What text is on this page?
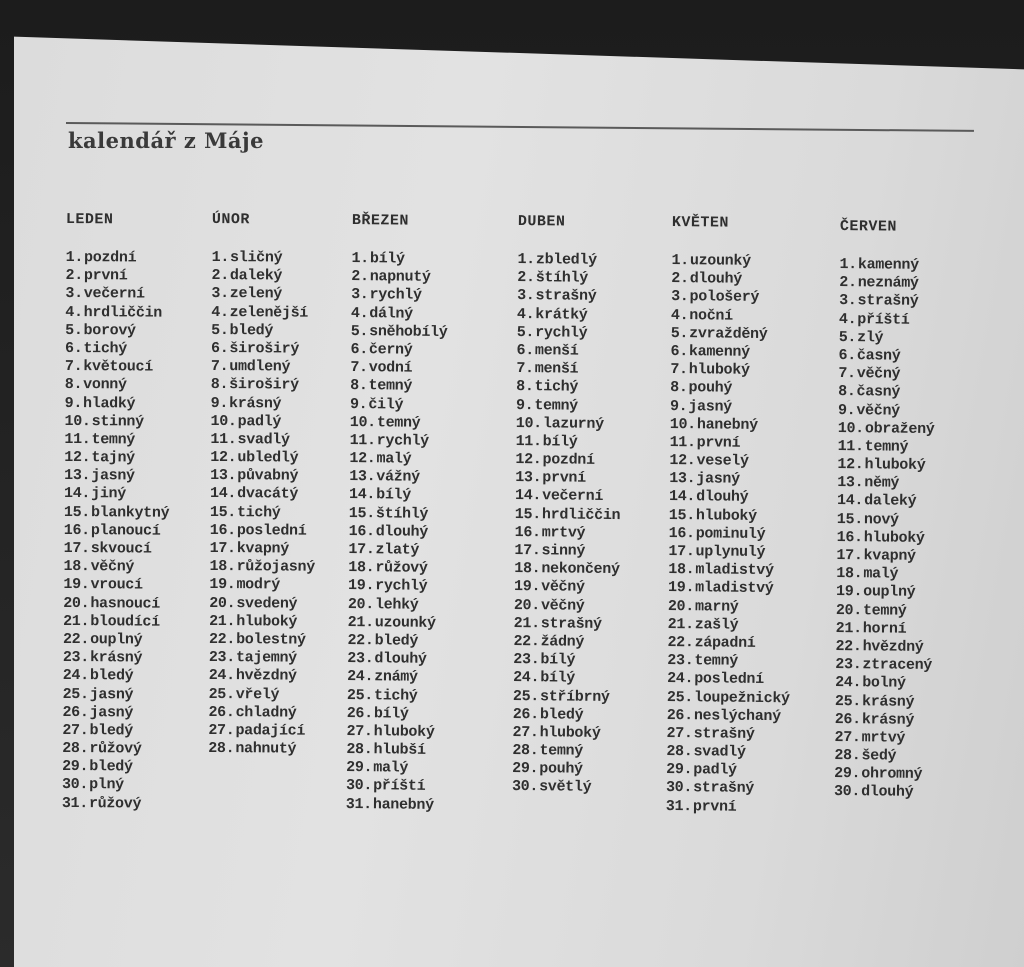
kalendář z Máje
LEDEN
1.pozdní
2.první
3.večerní
4.hrdliččin
5.borový
6.tichý
7.květoucí
8.vonný
9.hladký
10.stinný
11.temný
12.tajný
13.jasný
14.jiný
15.blankytný
16.planoucí
17.skvoucí
18.věčný
19.vroucí
20.hasnoucí
21.bloudící
22.ouplný
23.krásný
24.bledý
25.jasný
26.jasný
27.bledý
28.růžový
29.bledý
30.plný
31.růžový
ÚNOR
1.sličný
2.daleký
3.zelený
4.zelenější
5.bledý
6.široširý
7.umdlený
8.široširý
9.krásný
10.padlý
11.svadlý
12.ubledlý
13.půvabný
14.dvacátý
15.tichý
16.poslední
17.kvapný
18.růžojasný
19.modrý
20.svedený
21.hluboký
22.bolestný
23.tajemný
24.hvězdný
25.vřelý
26.chladný
27.padající
28.nahnutý
BŘEZEN
1.bílý
2.napnutý
3.rychlý
4.dálný
5.sněhobílý
6.černý
7.vodní
8.temný
9.čilý
10.temný
11.rychlý
12.malý
13.vážný
14.bílý
15.štíhlý
16.dlouhý
17.zlatý
18.růžový
19.rychlý
20.lehký
21.uzounký
22.bledý
23.dlouhý
24.známý
25.tichý
26.bílý
27.hluboký
28.hlubší
29.malý
30.příští
31.hanebný
DUBEN
1.zbledlý
2.štíhlý
3.strašný
4.krátký
5.rychlý
6.menší
7.menší
8.tichý
9.temný
10.lazurný
11.bílý
12.pozdní
13.první
14.večerní
15.hrdliččin
16.mrtvý
17.sinný
18.nekončený
19.věčný
20.věčný
21.strašný
22.žádný
23.bílý
24.bílý
25.stříbrný
26.bledý
27.hluboký
28.temný
29.pouhý
30.světlý
KVĚTEN
1.uzounký
2.dlouhý
3.pološerý
4.noční
5.zvražděný
6.kamenný
7.hluboký
8.pouhý
9.jasný
10.hanebný
11.první
12.veselý
13.jasný
14.dlouhý
15.hluboký
16.pominulý
17.uplynulý
18.mladistvý
19.mladistvý
20.marný
21.zašlý
22.západní
23.temný
24.poslední
25.loupežnický
26.neslýchaný
27.strašný
28.svadlý
29.padlý
30.strašný
31.první
ČERVEN
1.kamenný
2.neznámý
3.strašný
4.příští
5.zlý
6.časný
7.věčný
8.časný
9.věčný
10.obražený
11.temný
12.hluboký
13.němý
14.daleký
15.nový
16.hluboký
17.kvapný
18.malý
19.ouplný
20.temný
21.horní
22.hvězdný
23.ztracený
24.bolný
25.krásný
26.krásný
27.mrtvý
28.šedý
29.ohromný
30.dlouhý
